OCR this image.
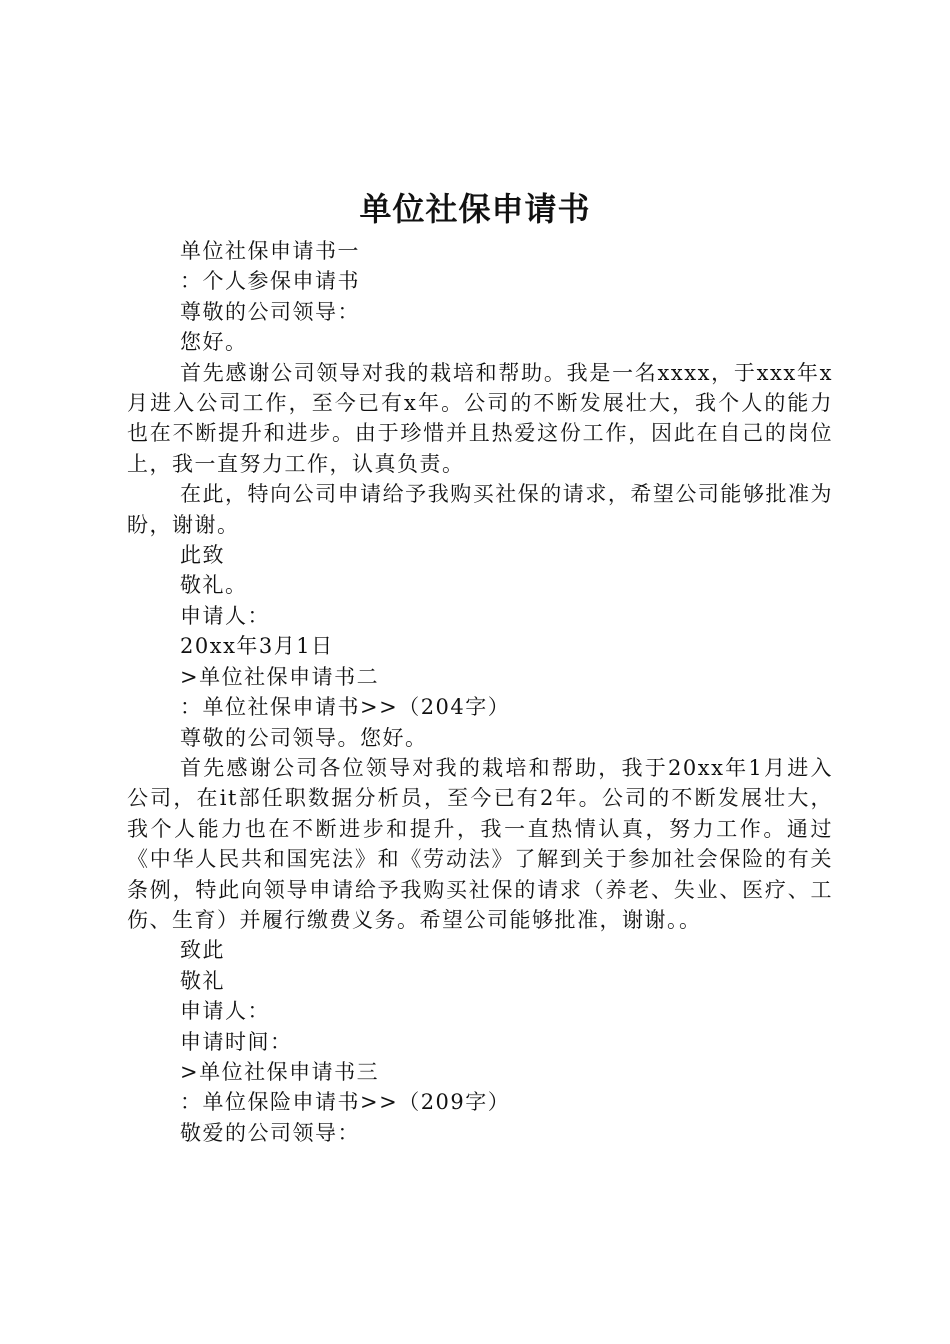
单位社保申请书

单位社保申请书一

：个人参保申请书

尊敬的公司领导：

您好。

首先感谢公司领导对我的栽培和帮助。我是一名xxxx，于xxx年x月进入公司工作，至今已有x年。公司的不断发展壮大，我个人的能力也在不断提升和进步。由于珍惜并且热爱这份工作，因此在自己的岗位上，我一直努力工作，认真负责。

在此，特向公司申请给予我购买社保的请求，希望公司能够批准为盼，谢谢。

此致

敬礼。

申请人：

20xx年3月1日

>单位社保申请书二

：单位社保申请书>>（204字）

尊敬的公司领导。您好。

首先感谢公司各位领导对我的栽培和帮助，我于20xx年1月进入公司，在it部任职数据分析员，至今已有2年。公司的不断发展壮大，我个人能力也在不断进步和提升，我一直热情认真，努力工作。通过《中华人民共和国宪法》和《劳动法》了解到关于参加社会保险的有关条例，特此向领导申请给予我购买社保的请求（养老、失业、医疗、工伤、生育）并履行缴费义务。希望公司能够批准，谢谢。。

致此

敬礼

申请人：

申请时间：

>单位社保申请书三

：单位保险申请书>>（209字）

敬爱的公司领导：
